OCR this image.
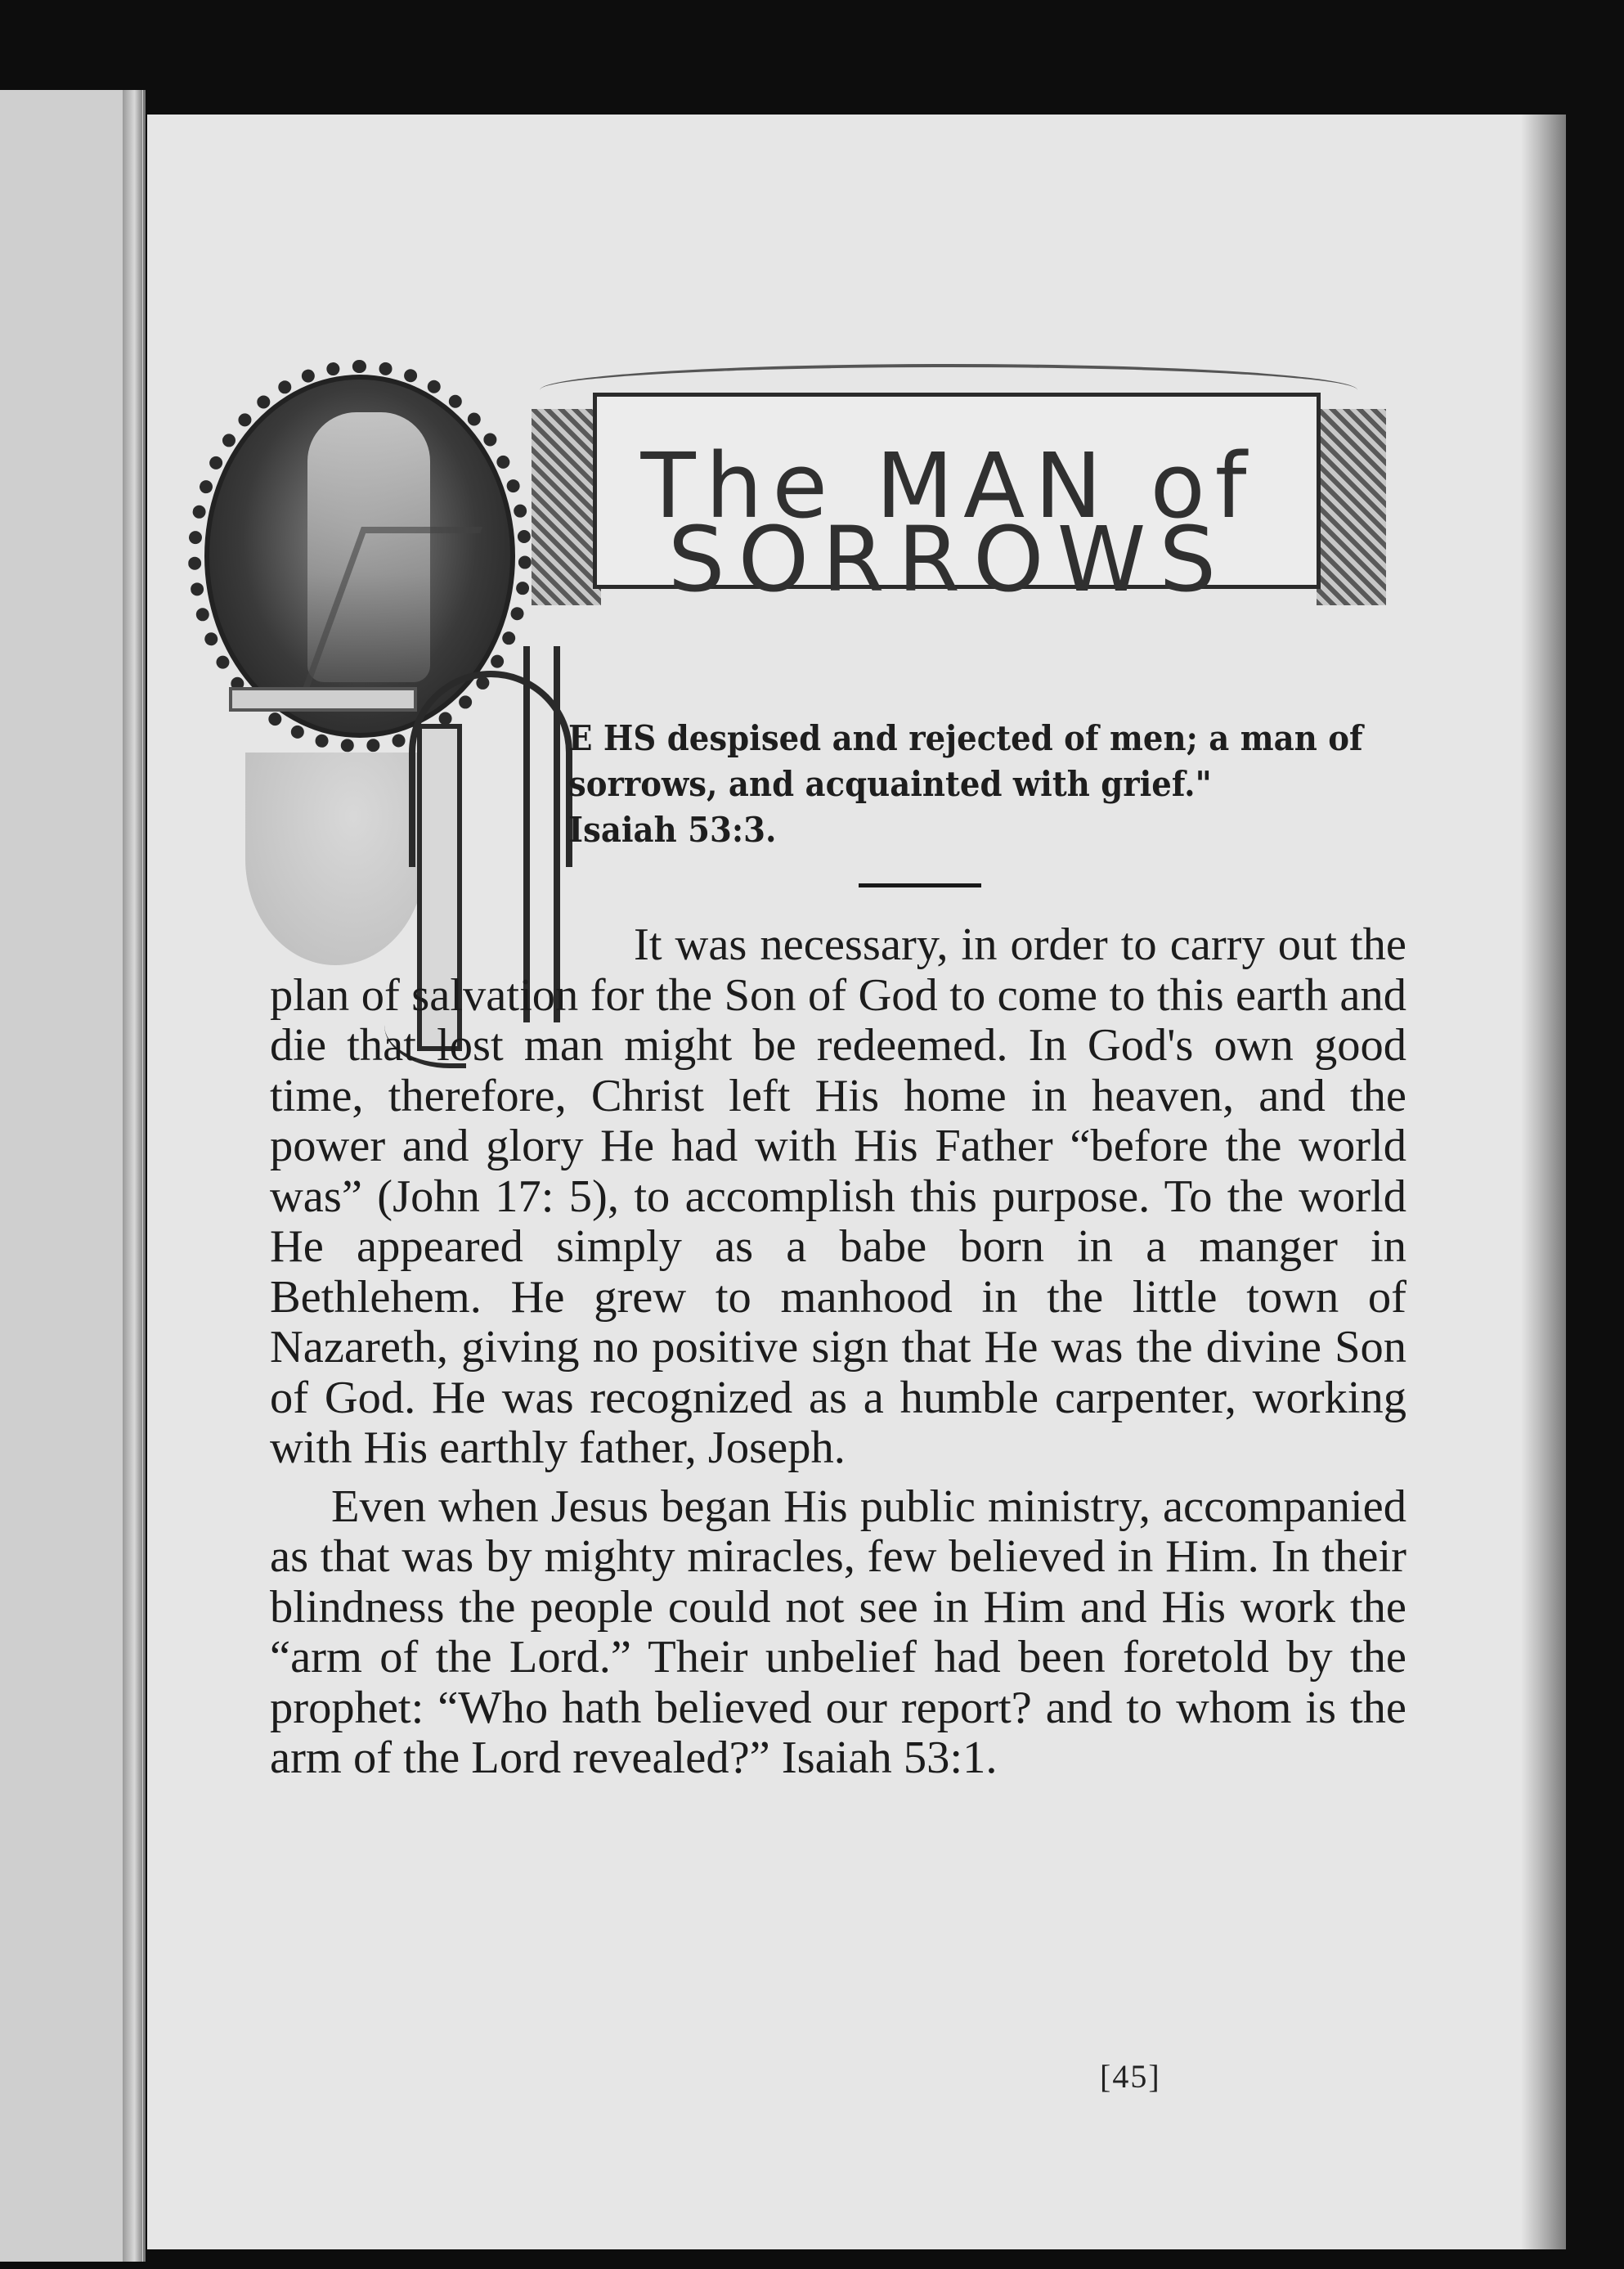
The MAN of
SORROWS
E HS despised and rejected of men; a man of sorrows, and acquainted with grief."
Isaiah 53:3.

It was necessary, in order to carry out the plan of salvation for the Son of God to come to this earth and die that lost man might be redeemed. In God's own good time, therefore, Christ left His home in heaven, and the power and glory He had with His Father “before the world was” (John 17: 5), to accomplish this purpose. To the world He appeared simply as a babe born in a manger in Bethlehem. He grew to manhood in the little town of Nazareth, giving no positive sign that He was the divine Son of God. He was recognized as a humble carpenter, working with His earthly father, Joseph.

Even when Jesus began His public ministry, accompanied as that was by mighty miracles, few believed in Him. In their blindness the people could not see in Him and His work the “arm of the Lord.” Their unbelief had been foretold by the prophet: “Who hath believed our report? and to whom is the arm of the Lord revealed?” Isaiah 53:1.

[45]
